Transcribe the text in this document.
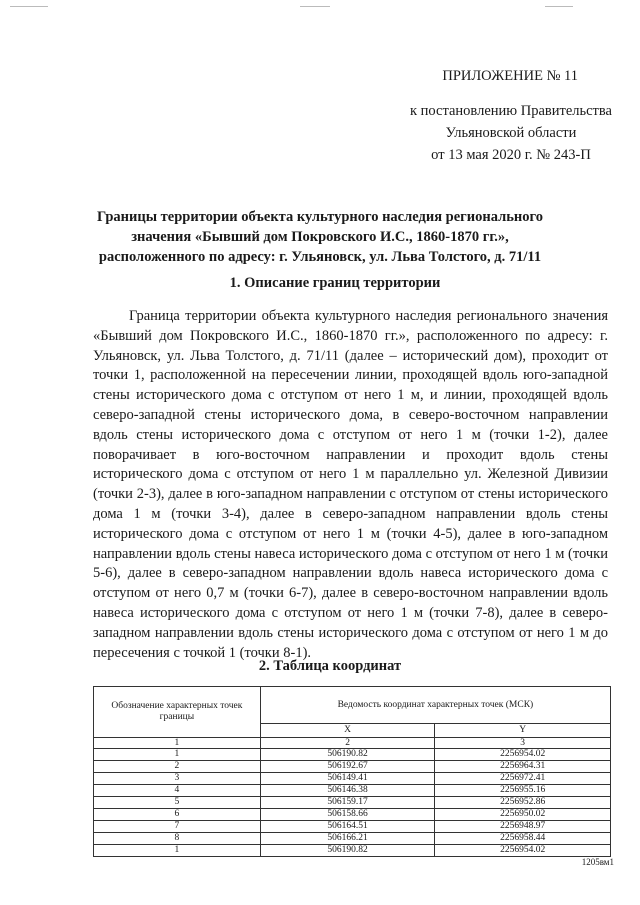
ПРИЛОЖЕНИЕ № 11
к постановлению Правительства
Ульяновской области
от 13 мая 2020 г. № 243-П
Границы территории объекта культурного наследия регионального
значения «Бывший дом Покровского И.С., 1860-1870 гг.»,
расположенного по адресу: г. Ульяновск, ул. Льва Толстого, д. 71/11
1. Описание границ территории

Граница территории объекта культурного наследия регионального значения «Бывший дом Покровского И.С., 1860-1870 гг.», расположенного по адресу: г. Ульяновск, ул. Льва Толстого, д. 71/11 (далее – исторический дом), проходит от точки 1, расположенной на пересечении линии, проходящей вдоль юго-западной стены исторического дома с отступом от него 1 м, и линии, проходящей вдоль северо-западной стены исторического дома, в северо-восточном направлении вдоль стены исторического дома с отступом от него 1 м (точки 1-2), далее поворачивает в юго-восточном направлении и проходит вдоль стены исторического дома с отступом от него 1 м параллельно ул. Железной Дивизии (точки 2-3), далее в юго-западном направлении с отступом от стены исторического дома 1 м (точки 3-4), далее в северо-западном направлении вдоль стены исторического дома с отступом от него 1 м (точки 4-5), далее в юго-западном направлении вдоль стены навеса исторического дома с отступом от него 1 м (точки 5-6), далее в северо-западном направлении вдоль навеса исторического дома с отступом от него 0,7 м (точки 6-7), далее в северо-восточном направлении вдоль навеса исторического дома с отступом от него 1 м (точки 7-8), далее в северо-западном направлении вдоль стены исторического дома с отступом от него 1 м до пересечения с точкой 1 (точки 8-1).

2. Таблица координат
Обозначение характерных точек границы	Ведомость координат характерных точек (МСК)	
	X	Y
1	2	3
1	506190.82	2256954.02
2	506192.67	2256964.31
3	506149.41	2256972.41
4	506146.38	2256955.16
5	506159.17	2256952.86
6	506158.66	2256950.02
7	506164.51	2256948.97
8	506166.21	2256958.44
1	506190.82	2256954.02
1205вм1
